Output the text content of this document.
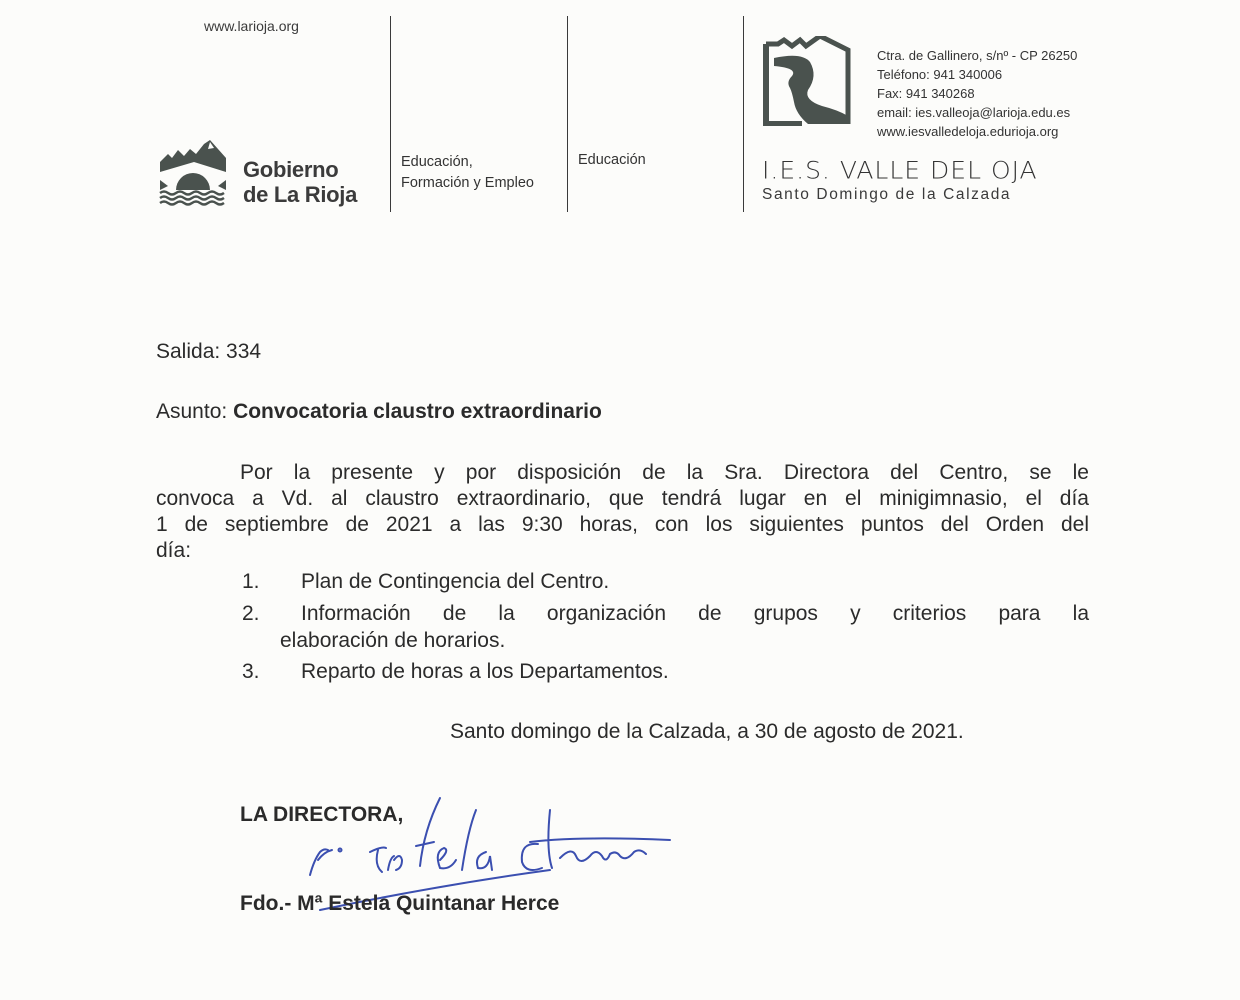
www.larioja.org
Gobierno
de La Rioja
Educación,
Formación y Empleo
Educación
Ctra. de Gallinero, s/nº - CP 26250
Teléfono: 941 340006
Fax: 941 340268
email: ies.valleoja@larioja.edu.es
www.iesvalledeloja.edurioja.org
I.E.S. VALLE DEL OJA
Santo Domingo de la Calzada
Salida: 334
Asunto: Convocatoria claustro extraordinario
Por la presente y por disposición de la Sra. Directora del Centro, se le
convoca a Vd. al claustro extraordinario, que tendrá lugar en el minigimnasio, el día
1 de septiembre de 2021 a las 9:30 horas, con los siguientes puntos del Orden del
día:
1. Plan de Contingencia del Centro.
2. Información de la organización de grupos y criterios para la
elaboración de horarios.
3. Reparto de horas a los Departamentos.
Santo domingo de la Calzada, a 30 de agosto de 2021.
LA DIRECTORA,
Fdo.- Mª Estela Quintanar Herce
